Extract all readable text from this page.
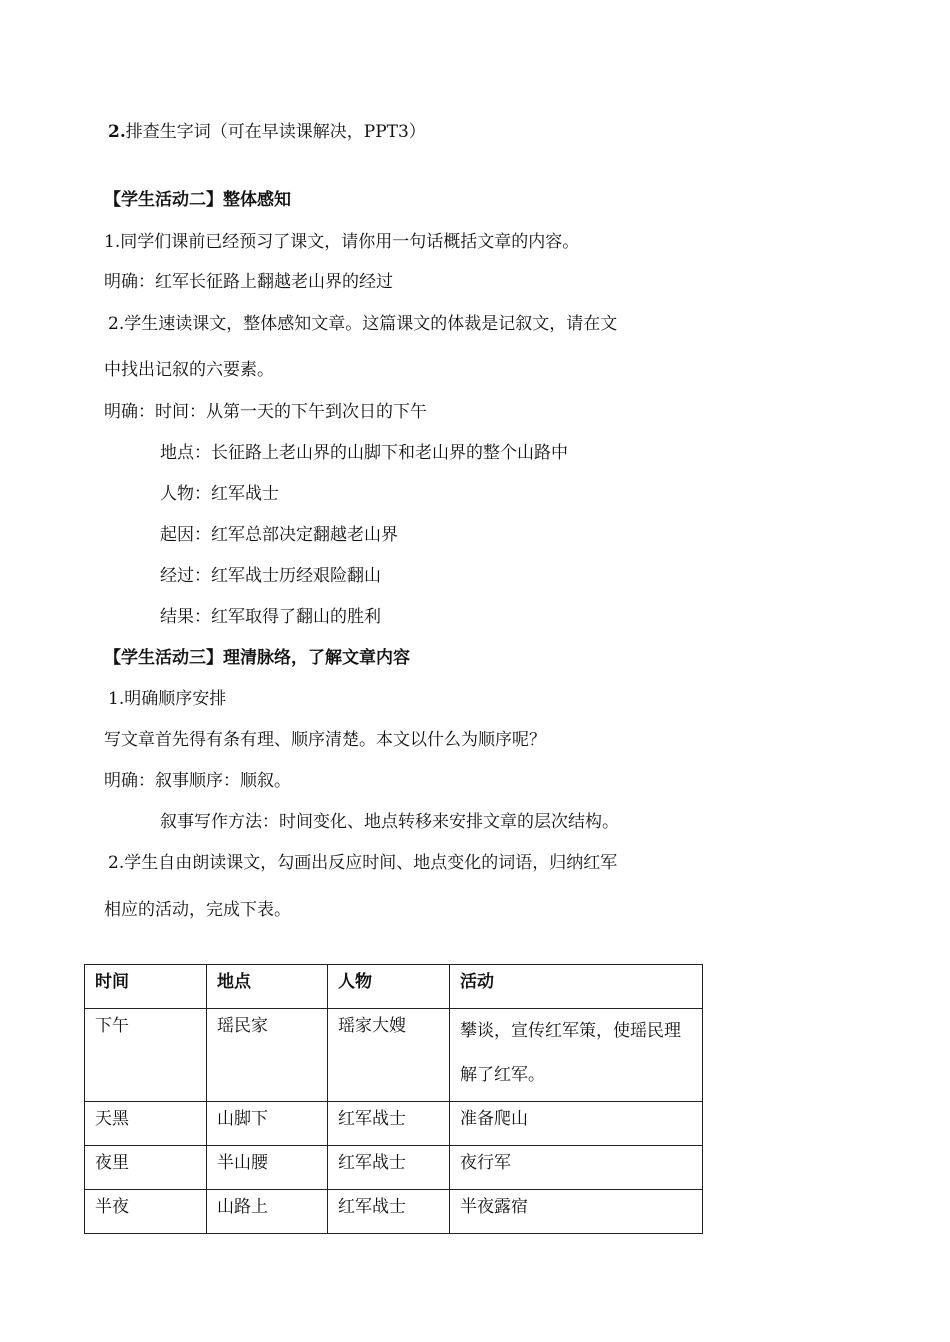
2.排查生字词（可在早读课解决，PPT3）
【学生活动二】整体感知
1.同学们课前已经预习了课文，请你用一句话概括文章的内容。
明确：红军长征路上翻越老山界的经过
2.学生速读课文，整体感知文章。这篇课文的体裁是记叙文，请在文
中找出记叙的六要素。
明确：时间：从第一天的下午到次日的下午
地点：长征路上老山界的山脚下和老山界的整个山路中
人物：红军战士
起因：红军总部决定翻越老山界
经过：红军战士历经艰险翻山
结果：红军取得了翻山的胜利
【学生活动三】理清脉络，了解文章内容
1.明确顺序安排
写文章首先得有条有理、顺序清楚。本文以什么为顺序呢？
明确：叙事顺序：顺叙。
叙事写作方法：时间变化、地点转移来安排文章的层次结构。
2.学生自由朗读课文，勾画出反应时间、地点变化的词语，归纳红军
相应的活动，完成下表。
时间	地点	人物	活动
下午	瑶民家	瑶家大嫂	攀谈，宣传红军策，使瑶民理解了红军。
天黑	山脚下	红军战士	准备爬山
夜里	半山腰	红军战士	夜行军
半夜	山路上	红军战士	半夜露宿
